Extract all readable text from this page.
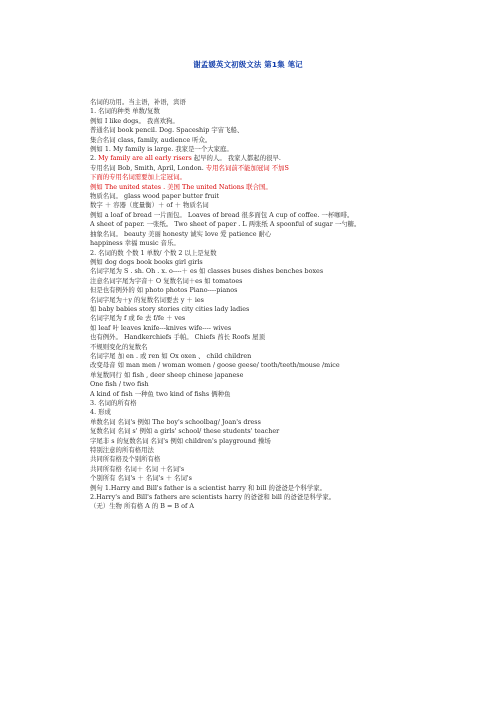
谢孟媛英文初级文法 第1集 笔记
名词的功用。当主语，补语，宾语
1. 名词的种类 单数/复数
例如 I like dogs。 我喜欢狗。
普通名词 book pencil. Dog. Spaceship 宇宙飞船、
集合名词 class, family, audience 听众。
例如 1. My family is large. 我家是一个大家庭。
2. My family are all early risers 起早的人。 我家人都起的很早.
专用名词 Bob, Smith, April, London. 专用名词前不能加冠词 不加S
下面的专用名词需要加上定冠词。
例如 The united states . 美国 The united Nations 联合国。
物质名词。 glass wood paper butter fruit
数字 ＋ 容器（度量衡）＋ of ＋ 物质名词
例如 a loaf of bread 一片面包。 Loaves of bread 很多面包 A cup of coffee. 一杯咖啡。
A sheet of paper. 一张纸。 Two sheet of paper . L 两张纸 A spoonful of sugar 一勺糖。
抽象名词。 beauty 美丽 honesty 诚实 love 爱 patience 耐心
happiness 幸福 music 音乐。
2. 名词的数 个数 1 单数/ 个数 2 以上是复数
例如 dog dogs book books girl girls
名词字尾为 S . sh. Oh . x. o----＋ es 如 classes buses dishes benches boxes
注意名词字尾为字音＋ O 复数名词＋es 如 tomatoes
但是也有例外的 如 photo photos Piano----pianos
名词字尾为＋y 的复数名词要去 y ＋ ies
如 baby babies story stories city cities lady ladies
名词字尾为 f 或 fe 去 f/fe ＋ ves
如 leaf 叶 leaves knife---knives wife---- wives
也有例外。 Handkerchiefs 手帕。 Chiefs 酋长 Roofs 屋顶
不规则变化的复数名
名词字尾 加 en . 或 ren 如 Ox oxen 、 child children
改变母音 如 man men / woman women / goose geese/ tooth/teeth/mouse /mice
单复数同行 如 fish , deer sheep chinese japanese
One fish / two fish
A kind of fish 一种鱼 two kind of fishs 俩种鱼
3. 名词的所有格
4. 形成
单数名词 名词's 例如 The boy's schoolbag/ Joan's dress
复数名词 名词 s' 例如 a girls' school/ these students' teacher
字尾非 s 的复数名词 名词's 例如 children's playground 操场
特别注意的所有格用法
共同所有格及个别所有格
共同所有格 名词＋ 名词 ＋名词's
个别所有 名词's ＋ 名词's ＋ 名词's
例句 1.Harry and Bill's father is a scientist harry 和 bill 的爸爸是个科学家。
2.Harry's and Bill's fathers are scientists harry 的爸爸和 bill 的爸爸是科学家。
（无）生物 所有格 A 的 B = B of A
